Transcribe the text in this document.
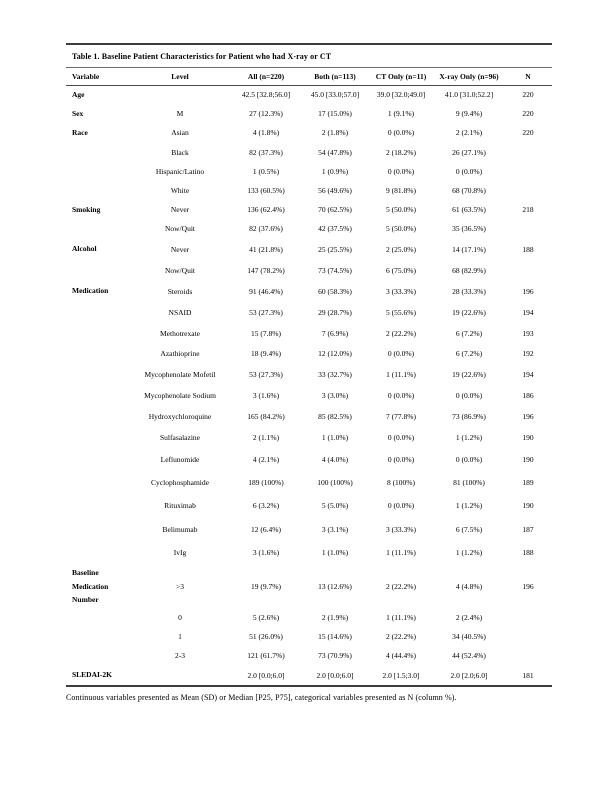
Table 1. Baseline Patient Characteristics for Patient who had X-ray or CT
Variable	Level	All (n=220)	Both (n=113)	CT Only (n=11)	X-ray Only (n=96)	N
Age		42.5 [32.8;56.0]	45.0 [33.0;57.0]	39.0 [32.0;49.0]	41.0 [31.0;52.2]	220
Sex	M	27 (12.3%)	17 (15.0%)	1 (9.1%)	9 (9.4%)	220
Race	Asian	4 (1.8%)	2 (1.8%)	0 (0.0%)	2 (2.1%)	220
	Black	82 (37.3%)	54 (47.8%)	2 (18.2%)	26 (27.1%)	
	Hispanic/Latino	1 (0.5%)	1 (0.9%)	0 (0.0%)	0 (0.0%)	
	White	133 (60.5%)	56 (49.6%)	9 (81.8%)	68 (70.8%)	
Smoking	Never	136 (62.4%)	70 (62.5%)	5 (50.0%)	61 (63.5%)	218
	Now/Quit	82 (37.6%)	42 (37.5%)	5 (50.0%)	35 (36.5%)	
Alcohol	Never	41 (21.8%)	25 (25.5%)	2 (25.0%)	14 (17.1%)	188
	Now/Quit	147 (78.2%)	73 (74.5%)	6 (75.0%)	68 (82.9%)	
Medication	Steroids	91 (46.4%)	60 (58.3%)	3 (33.3%)	28 (33.3%)	196
	NSAID	53 (27.3%)	29 (28.7%)	5 (55.6%)	19 (22.6%)	194
	Methotrexate	15 (7.8%)	7 (6.9%)	2 (22.2%)	6 (7.2%)	193
	Azathioprine	18 (9.4%)	12 (12.0%)	0 (0.0%)	6 (7.2%)	192
	Mycophenolate Mofetil	53 (27.3%)	33 (32.7%)	1 (11.1%)	19 (22.6%)	194
	Mycophenolate Sodium	3 (1.6%)	3 (3.0%)	0 (0.0%)	0 (0.0%)	186
	Hydroxychloroquine	165 (84.2%)	85 (82.5%)	7 (77.8%)	73 (86.9%)	196
	Sulfasalazine	2 (1.1%)	1 (1.0%)	0 (0.0%)	1 (1.2%)	190
	Leflunomide	4 (2.1%)	4 (4.0%)	0 (0.0%)	0 (0.0%)	190
	Cyclophosphamide	189 (100%)	100 (100%)	8 (100%)	81 (100%)	189
	Rituximab	6 (3.2%)	5 (5.0%)	0 (0.0%)	1 (1.2%)	190
	Belimumab	12 (6.4%)	3 (3.1%)	3 (33.3%)	6 (7.5%)	187
	IvIg	3 (1.6%)	1 (1.0%)	1 (11.1%)	1 (1.2%)	188
Baseline Medication Number	>3	19 (9.7%)	13 (12.6%)	2 (22.2%)	4 (4.8%)	196
	0	5 (2.6%)	2 (1.9%)	1 (11.1%)	2 (2.4%)	
	1	51 (26.0%)	15 (14.6%)	2 (22.2%)	34 (40.5%)	
	2-3	121 (61.7%)	73 (70.9%)	4 (44.4%)	44 (52.4%)	
SLEDAI-2K		2.0 [0.0;6.0]	2.0 [0.0;6.0]	2.0 [1.5;3.0]	2.0 [2.0;6.0]	181
Continuous variables presented as Mean (SD) or Median [P25, P75], categorical variables presented as N (column %).
